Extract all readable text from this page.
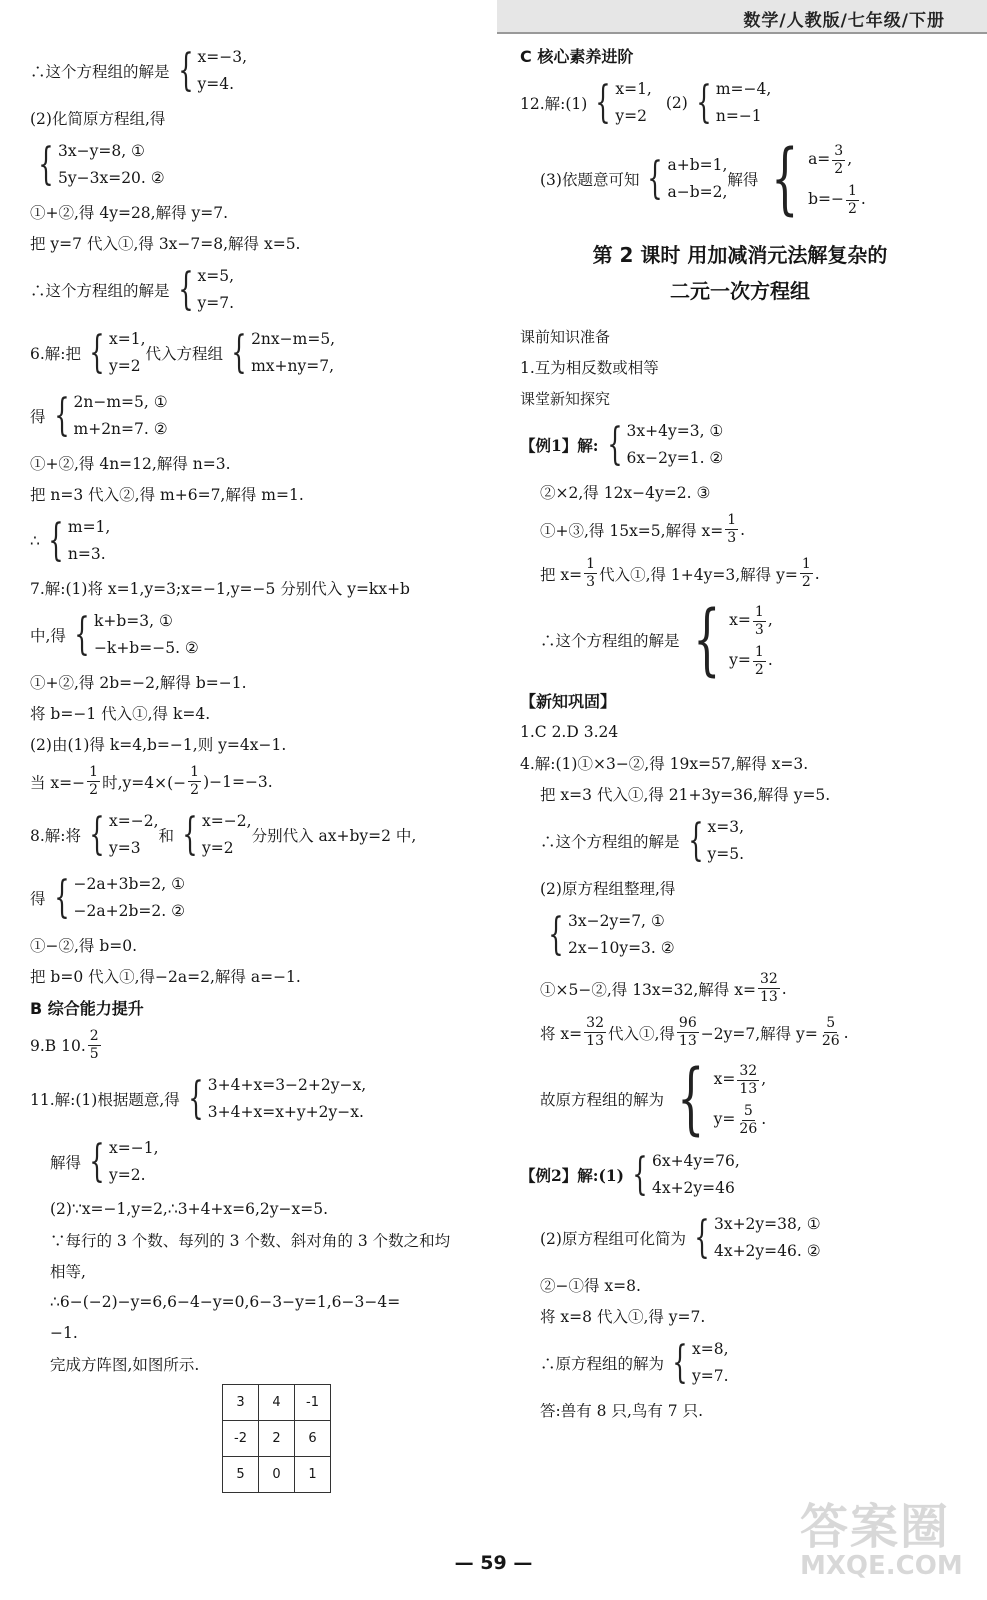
数学/人教版/七年级/下册
∴这个方程组的解是 { x=−3,
y=4.
(2)化简原方程组,得
{ 3x−y=8, ①
5y−3x=20. ②
①+②,得 4y=28,解得 y=7.
把 y=7 代入①,得 3x−7=8,解得 x=5.
∴这个方程组的解是 { x=5,
y=7.
6.解:把 { x=1,
y=2
代入方程组 { 2nx−m=5,
mx+ny=7,
得 { 2n−m=5, ①
m+2n=7. ②
①+②,得 4n=12,解得 n=3.
把 n=3 代入②,得 m+6=7,解得 m=1.
∴ { m=1,
n=3.
7.解:(1)将 x=1,y=3;x=−1,y=−5 分别代入 y=kx+b
中,得 { k+b=3, ①
−k+b=−5. ②
①+②,得 2b=−2,解得 b=−1.
将 b=−1 代入①,得 k=4.
(2)由(1)得 k=4,b=−1,则 y=4x−1.
当 $x=- \frac{1}{2}$ 时$,y=4\times(- \frac{1}{2} )-1=-3$.
8.解:将 { x=−2,
y=3
和 { x=−2,
y=2
分别代入 ax+by=2 中,
得 { −2a+3b=2, ①
−2a+2b=2. ②
①−②,得 b=0.
把 b=0 代入①,得−2a=2,解得 a=−1.
B 综合能力提升
9.B 10. $\frac{2}{5}$
11.解:(1)根据题意,得 { 3+4+x=3−2+2y−x,
3+4+x=x+y+2y−x.
解得 { x=−1,
y=2.
(2)∵x=−1,y=2,∴3+4+x=6,2y−x=5.
∵每行的 3 个数、每列的 3 个数、斜对角的 3 个数之和均
相等,
∴6−(−2)−y=6,6−4−y=0,6−3−y=1,6−3−4=
−1.
完成方阵图,如图所示.
3	4	-1
-2	2	6
5	0	1
C 核心素养进阶
12.解:(1) { x=1,
y=2
(2) { m=−4,
n=−1
(3)依题意可知 { a+b=1,
a−b=2,
解得 { $a= \frac{3}{2}$ ,
$b=- \frac{1}{2}$ .
第 2 课时 用加减消元法解复杂的
二元一次方程组
课前知识准备
1.互为相反数或相等
课堂新知探究
【例1】解: { 3x+4y=3, ①
6x−2y=1. ②
②×2,得 12x−4y=2. ③
①+③,得 15x=5,解得 $x= \frac{1}{3}$ .
把 $x= \frac{1}{3}$ 代入①,得 1+4y=3,解得 $y= \frac{1}{2}$ .
∴这个方程组的解是 { $x= \frac{1}{3}$ ,
$y= \frac{1}{2}$ .
【新知巩固】
1.C 2.D 3.24
4.解:(1)①×3−②,得 19x=57,解得 x=3.
把 x=3 代入①,得 21+3y=36,解得 y=5.
∴这个方程组的解是 { x=3,
y=5.
(2)原方程组整理,得
{ 3x−2y=7, ①
2x−10y=3. ②
①×5−②,得 13x=32,解得 $x= \frac{32}{13}$ .
将 $x= \frac{32}{13}$ 代入①,得 $\frac{96}{13} -2y=7$,解得 $y= \frac{5}{26}$ .
故原方程组的解为 { $x= \frac{32}{13}$ ,
$y= \frac{5}{26}$ .
【例2】解:(1) { 6x+4y=76,
4x+2y=46
(2)原方程组可化简为 { 3x+2y=38, ①
4x+2y=46. ②
②−①得 x=8.
将 x=8 代入①,得 y=7.
∴原方程组的解为 { x=8,
y=7.
答:兽有 8 只,鸟有 7 只.
— 59 —
答案圈
MXQE.COM
